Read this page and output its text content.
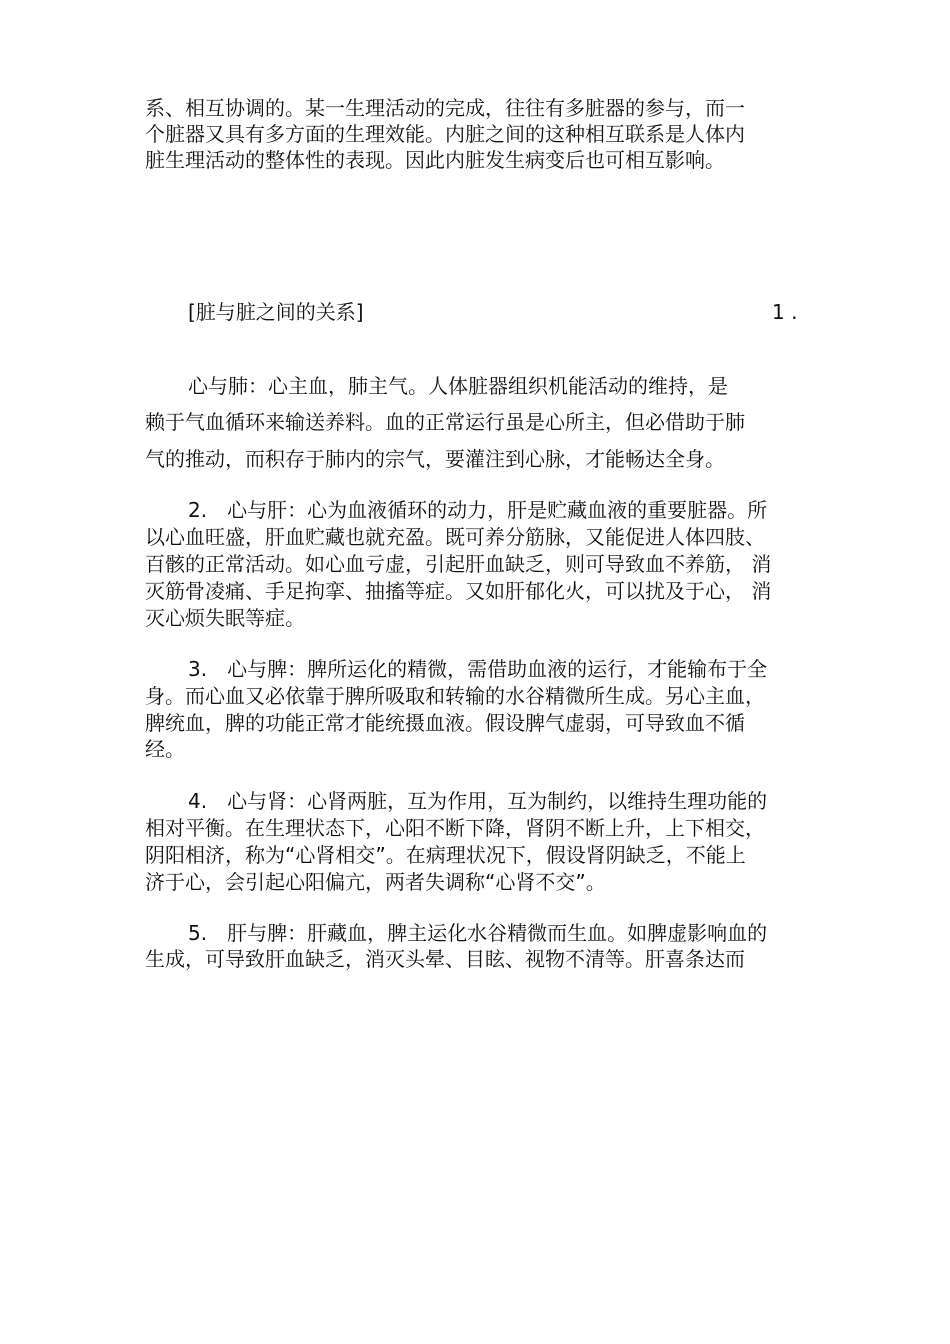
系、相互协调的。某一生理活动的完成，往往有多脏器的参与，而一
个脏器又具有多方面的生理效能。内脏之间的这种相互联系是人体内
脏生理活动的整体性的表现。因此内脏发生病变后也可相互影响。
[脏与脏之间的关系]	1 .
心与肺：心主血，肺主气。人体脏器组织机能活动的维持，是
赖于气血循环来输送养料。血的正常运行虽是心所主，但必借助于肺
气的推动，而积存于肺内的宗气，要灌注到心脉，才能畅达全身。
2. 心与肝：心为血液循环的动力，肝是贮藏血液的重要脏器。所
以心血旺盛，肝血贮藏也就充盈。既可养分筋脉，又能促进人体四肢、
百骸的正常活动。如心血亏虚，引起肝血缺乏，则可导致血不养筋， 消
灭筋骨凌痛、手足拘挛、抽搐等症。又如肝郁化火，可以扰及于心， 消
灭心烦失眠等症。
3. 心与脾：脾所运化的精微，需借助血液的运行，才能输布于全
身。而心血又必依靠于脾所吸取和转输的水谷精微所生成。另心主血，
脾统血，脾的功能正常才能统摄血液。假设脾气虚弱，可导致血不循
经。
4. 心与肾：心肾两脏，互为作用，互为制约，以维持生理功能的
相对平衡。在生理状态下，心阳不断下降，肾阴不断上升，上下相交，
阴阳相济，称为“心肾相交”。在病理状况下，假设肾阴缺乏，不能上
济于心，会引起心阳偏亢，两者失调称“心肾不交”。
5. 肝与脾：肝藏血，脾主运化水谷精微而生血。如脾虚影响血的
生成，可导致肝血缺乏，消灭头晕、目眩、视物不清等。肝喜条达而
